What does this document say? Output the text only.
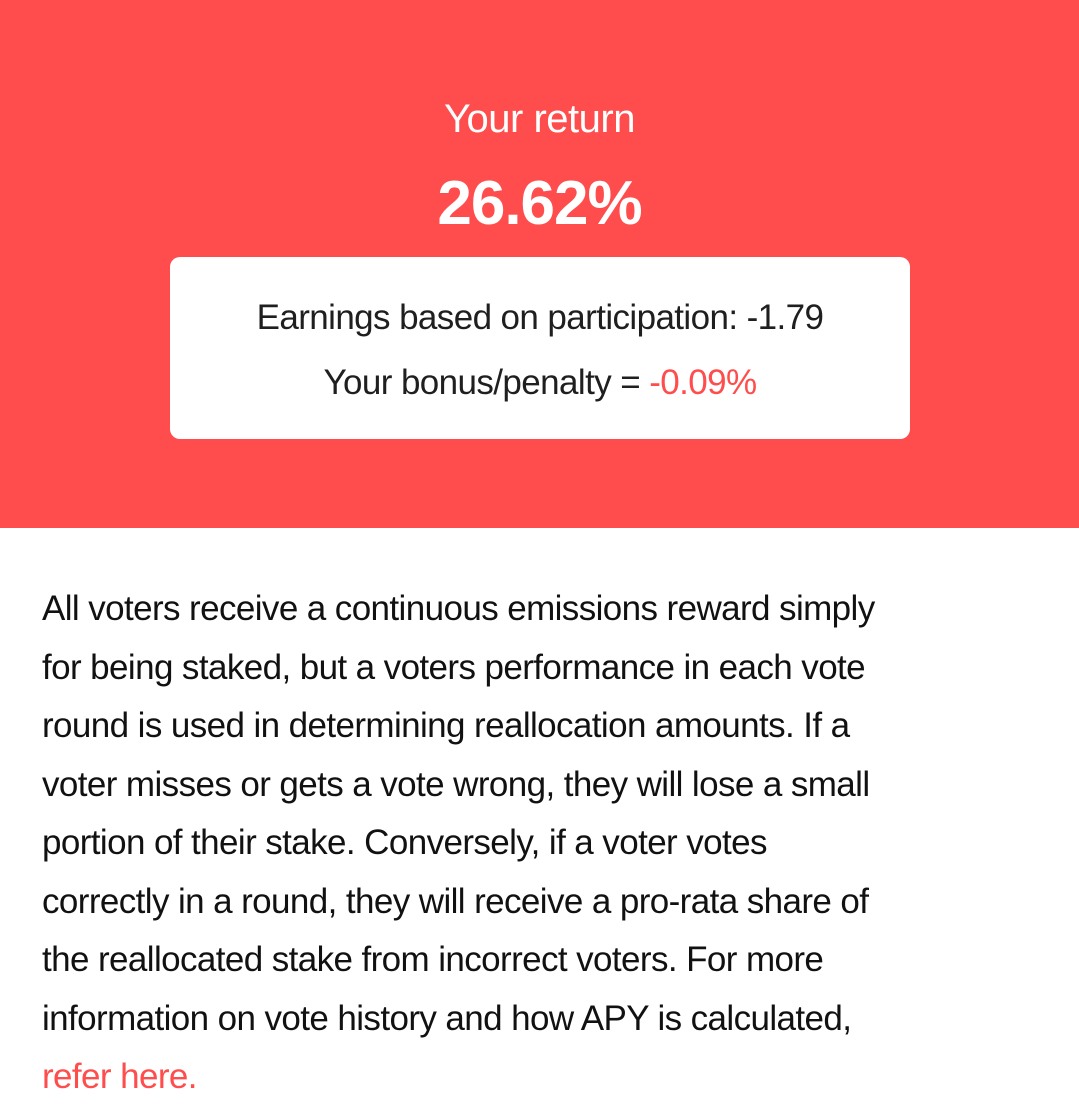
Your return
26.62%
Earnings based on participation: -1.79
Your bonus/penalty = -0.09%
All voters receive a continuous emissions reward simply
for being staked, but a voters performance in each vote
round is used in determining reallocation amounts. If a
voter misses or gets a vote wrong, they will lose a small
portion of their stake. Conversely, if a voter votes
correctly in a round, they will receive a pro-rata share of
the reallocated stake from incorrect voters. For more
information on vote history and how APY is calculated,
refer here.
